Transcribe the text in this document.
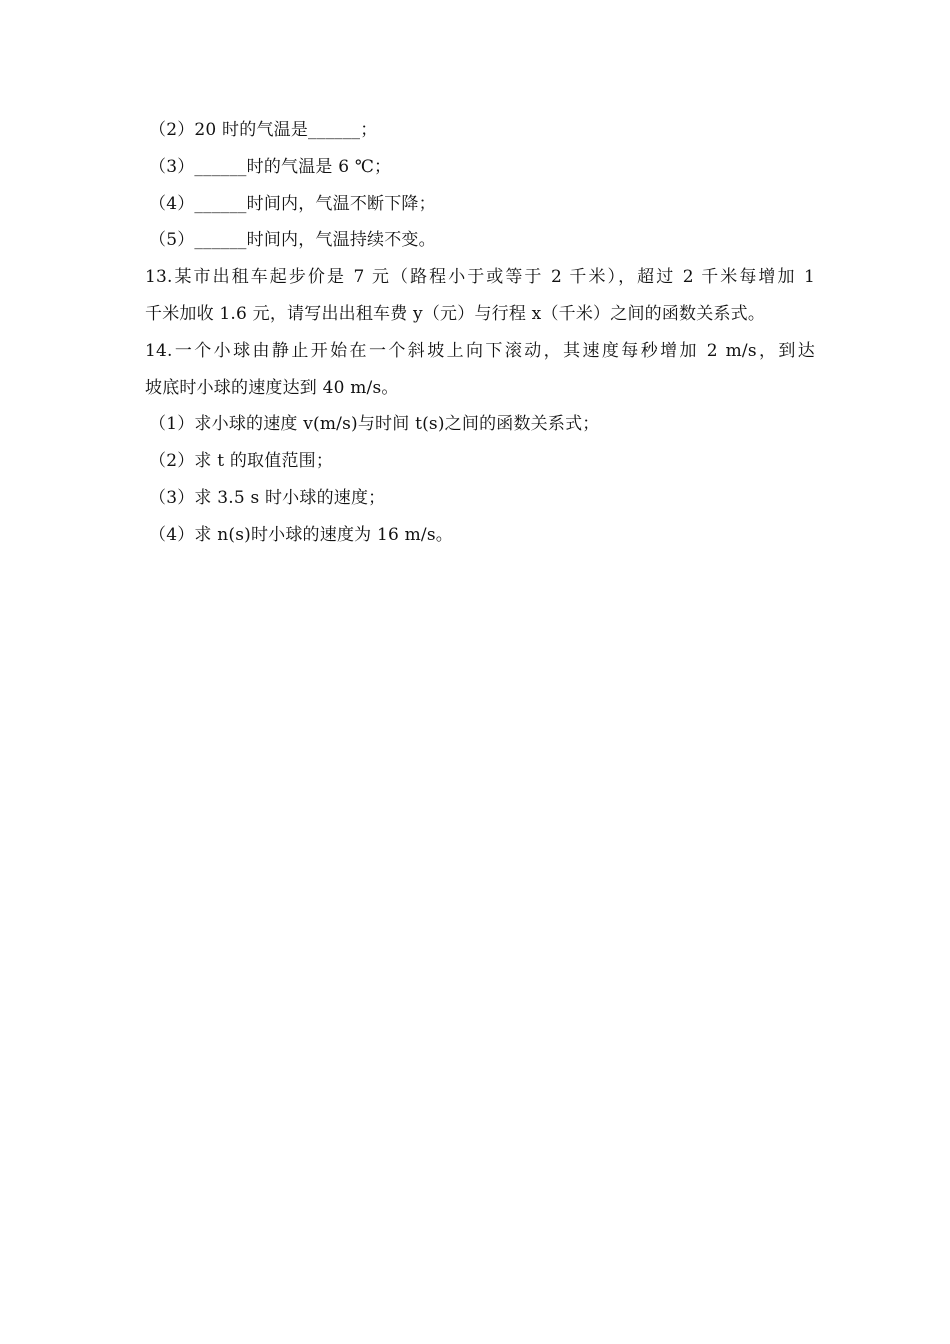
（2）20 时的气温是______；
（3）______时的气温是 6 ℃；
（4）______时间内，气温不断下降；
（5）______时间内，气温持续不变。
13.某市出租车起步价是 7 元（路程小于或等于 2 千米），超过 2 千米每增加 1
千米加收 1.6 元，请写出出租车费 y（元）与行程 x（千米）之间的函数关系式。
14.一个小球由静止开始在一个斜坡上向下滚动，其速度每秒增加 2 m/s，到达
坡底时小球的速度达到 40 m/s。
（1）求小球的速度 v(m/s)与时间 t(s)之间的函数关系式；
（2）求 t 的取值范围；
（3）求 3.5 s 时小球的速度；
（4）求 n(s)时小球的速度为 16 m/s。
